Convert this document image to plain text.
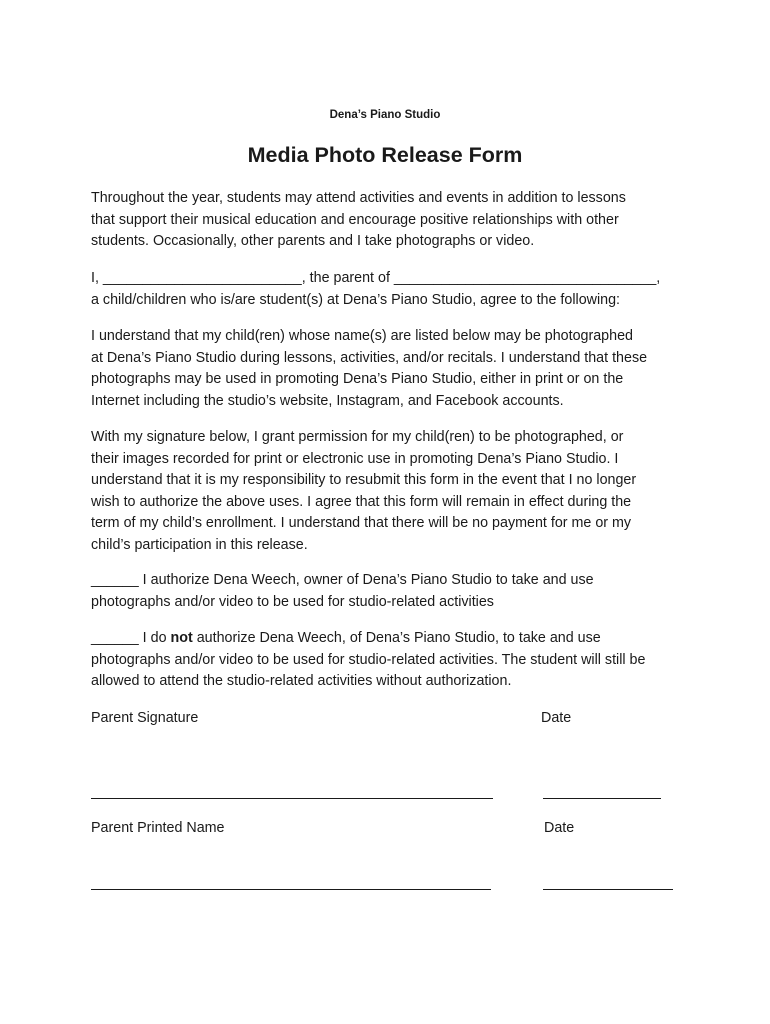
Dena’s Piano Studio
Media Photo Release Form

Throughout the year, students may attend activities and events in addition to lessons
that support their musical education and encourage positive relationships with other
students. Occasionally, other parents and I take photographs or video.

I, _________________________, the parent of _________________________________,
a child/children who is/are student(s) at Dena’s Piano Studio, agree to the following:

I understand that my child(ren) whose name(s) are listed below may be photographed
at Dena’s Piano Studio during lessons, activities, and/or recitals. I understand that these
photographs may be used in promoting Dena’s Piano Studio, either in print or on the
Internet including the studio’s website, Instagram, and Facebook accounts.

With my signature below, I grant permission for my child(ren) to be photographed, or
their images recorded for print or electronic use in promoting Dena’s Piano Studio. I
understand that it is my responsibility to resubmit this form in the event that I no longer
wish to authorize the above uses. I agree that this form will remain in effect during the
term of my child’s enrollment. I understand that there will be no payment for me or my
child’s participation in this release.

______ I authorize Dena Weech, owner of Dena’s Piano Studio to take and use
photographs and/or video to be used for studio-related activities

______ I do not authorize Dena Weech, of Dena’s Piano Studio, to take and use
photographs and/or video to be used for studio-related activities. The student will still be
allowed to attend the studio-related activities without authorization.

Parent Signature	Date
Parent Printed Name	Date
